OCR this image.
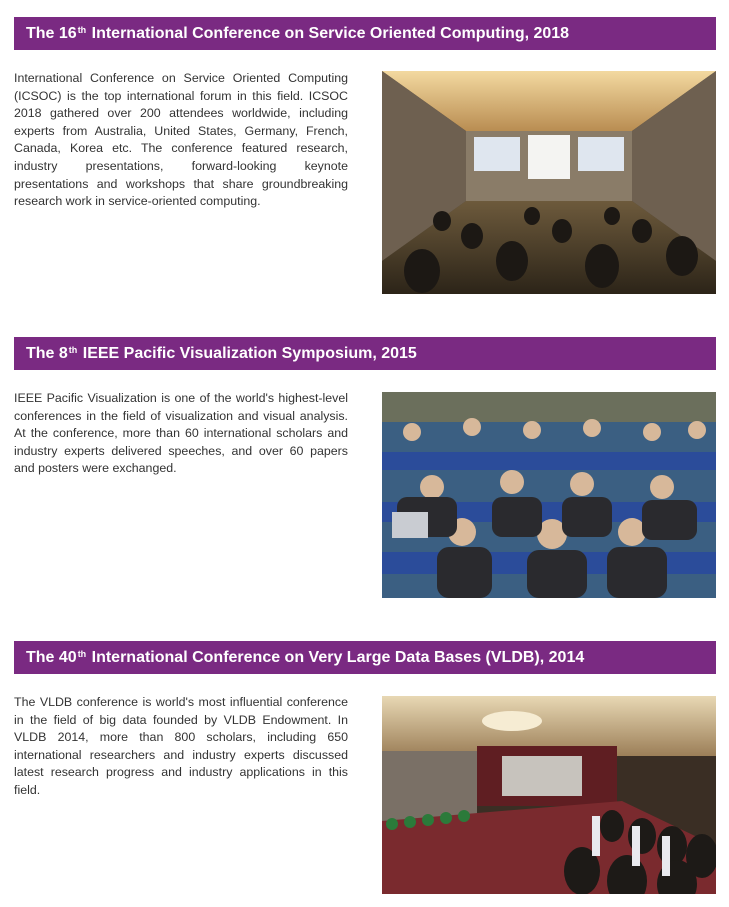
The 16th International Conference on Service Oriented Computing, 2018

International Conference on Service Oriented Computing (ICSOC) is the top international forum in this field. ICSOC 2018 gathered over 200 attendees worldwide, including experts from Australia, United States, Germany, French, Canada, Korea etc. The conference featured research, industry presentations, forward-looking keynote presentations and workshops that share groundbreaking research work in service-oriented computing.

The 8th IEEE Pacific Visualization Symposium, 2015

IEEE Pacific Visualization is one of the world's highest-level conferences in the field of visualization and visual analysis. At the conference, more than 60 international scholars and industry experts delivered speeches, and over 60 papers and posters were exchanged.

The 40th International Conference on Very Large Data Bases (VLDB), 2014

The VLDB conference is world's most influential conference in the field of big data founded by VLDB Endowment. In VLDB 2014, more than 800 scholars, including 650 international researchers and industry experts discussed latest research progress and industry applications in this field.
